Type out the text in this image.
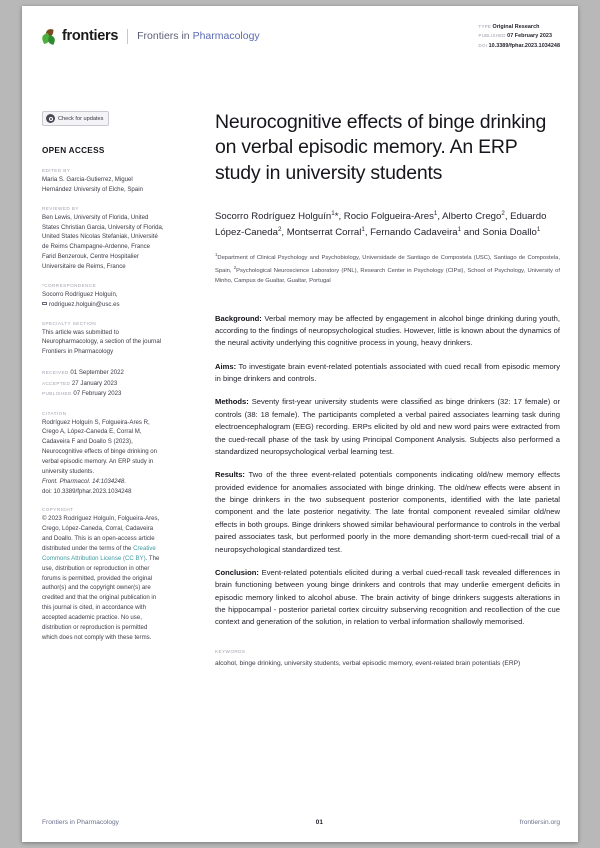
frontiers Frontiers in Pharmacology
TYPE Original Research
PUBLISHED 07 February 2023
DOI 10.3389/fphar.2023.1034248
Check for updates
OPEN ACCESS
EDITED BY
Maria S. Garcia-Gutierrez, Miguel Hernández University of Elche, Spain
REVIEWED BY
Ben Lewis, University of Florida, United States Christian Garcia, University of Florida, United States Nicolas Stefaniak, Université de Reims Champagne-Ardenne, France Farid Benzerouk, Centre Hospitalier Universitaire de Reims, France
*CORRESPONDENCE
Socorro Rodríguez Holguín,
rodriguez.holguin@usc.es
SPECIALTY SECTION
This article was submitted to Neuropharmacology, a section of the journal Frontiers in Pharmacology
RECEIVED 01 September 2022
ACCEPTED 27 January 2023
PUBLISHED 07 February 2023
CITATION
Rodríguez Holguín S, Folgueira-Ares R, Crego A, López-Caneda E, Corral M, Cadaveira F and Doallo S (2023), Neurocognitive effects of binge drinking on verbal episodic memory. An ERP study in university students.
Front. Pharmacol. 14:1034248.
doi: 10.3389/fphar.2023.1034248
COPYRIGHT
© 2023 Rodríguez Holguín, Folgueira-Ares, Crego, López-Caneda, Corral, Cadaveira and Doallo. This is an open-access article distributed under the terms of the Creative Commons Attribution License (CC BY). The use, distribution or reproduction in other forums is permitted, provided the original author(s) and the copyright owner(s) are credited and that the original publication in this journal is cited, in accordance with accepted academic practice. No use, distribution or reproduction is permitted which does not comply with these terms.
Neurocognitive effects of binge drinking on verbal episodic memory. An ERP study in university students
Socorro Rodríguez Holguín$^1$*, Rocio Folgueira-Ares$^1$, Alberto Crego$^2$, Eduardo López-Caneda$^2$, Montserrat Corral$^1$, Fernando Cadaveira$^1$ and Sonia Doallo$^1$
$^1$Department of Clinical Psychology and Psychobiology, Universidade de Santiago de Compostela (USC), Santiago de Compostela, Spain, $^2$Psychological Neuroscience Laboratory (PNL), Research Center in Psychology (CIPsi), School of Psychology, University of Minho, Campus de Gualtar, Gualtar, Portugal
Background: Verbal memory may be affected by engagement in alcohol binge drinking during youth, according to the findings of neuropsychological studies. However, little is known about the dynamics of the neural activity underlying this cognitive process in young, heavy drinkers.
Aims: To investigate brain event-related potentials associated with cued recall from episodic memory in binge drinkers and controls.
Methods: Seventy first-year university students were classified as binge drinkers (32: 17 female) or controls (38: 18 female). The participants completed a verbal paired associates learning task during electroencephalogram (EEG) recording. ERPs elicited by old and new word pairs were extracted from the cued-recall phase of the task by using Principal Component Analysis. Subjects also performed a standardized neuropsychological verbal learning test.
Results: Two of the three event-related potentials components indicating old/new memory effects provided evidence for anomalies associated with binge drinking. The old/new effects were absent in the binge drinkers in the two subsequent posterior components, identified with the late parietal component and the late posterior negativity. The late frontal component revealed similar old/new effects in both groups. Binge drinkers showed similar behavioural performance to controls in the verbal paired associates task, but performed poorly in the more demanding short-term cued-recall trial of a neuropsychological standardized test.
Conclusion: Event-related potentials elicited during a verbal cued-recall task revealed differences in brain functioning between young binge drinkers and controls that may underlie emergent deficits in episodic memory linked to alcohol abuse. The brain activity of binge drinkers suggests alterations in the hippocampal - posterior parietal cortex circuitry subserving recognition and recollection of the cue context and generation of the solution, in relation to verbal information shallowly memorised.
KEYWORDS
alcohol, binge drinking, university students, verbal episodic memory, event-related brain potentials (ERP)
Frontiers in Pharmacology	01	frontiersin.org
